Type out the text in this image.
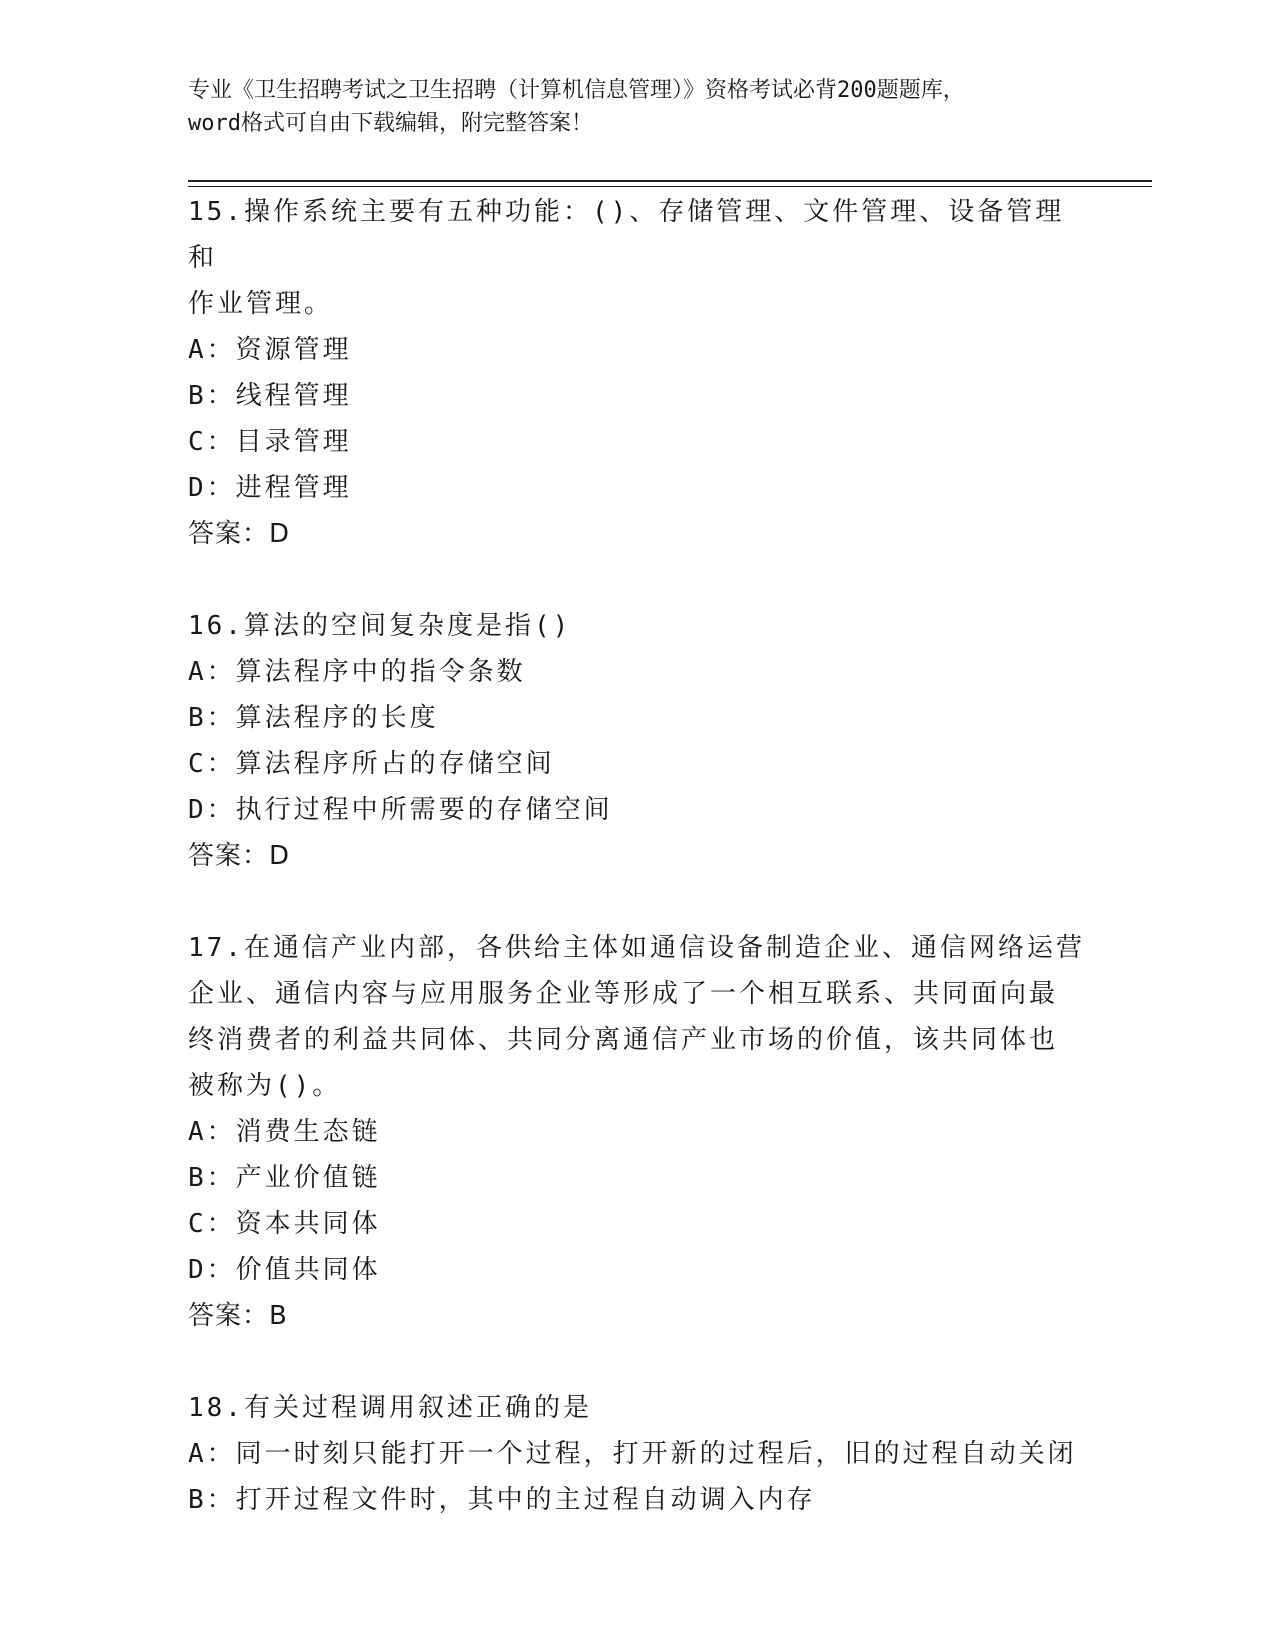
专业《卫生招聘考试之卫生招聘（计算机信息管理）》资格考试必背200题题库，
word格式可自由下载编辑，附完整答案！
15.操作系统主要有五种功能：()、存储管理、文件管理、设备管理和
作业管理。
A：资源管理
B：线程管理
C：目录管理
D：进程管理
答案：D
16.算法的空间复杂度是指()
A：算法程序中的指令条数
B：算法程序的长度
C：算法程序所占的存储空间
D：执行过程中所需要的存储空间
答案：D
17.在通信产业内部，各供给主体如通信设备制造企业、通信网络运营
企业、通信内容与应用服务企业等形成了一个相互联系、共同面向最
终消费者的利益共同体、共同分离通信产业市场的价值，该共同体也
被称为()。
A：消费生态链
B：产业价值链
C：资本共同体
D：价值共同体
答案：B
18.有关过程调用叙述正确的是
A：同一时刻只能打开一个过程，打开新的过程后，旧的过程自动关闭
B：打开过程文件时，其中的主过程自动调入内存
